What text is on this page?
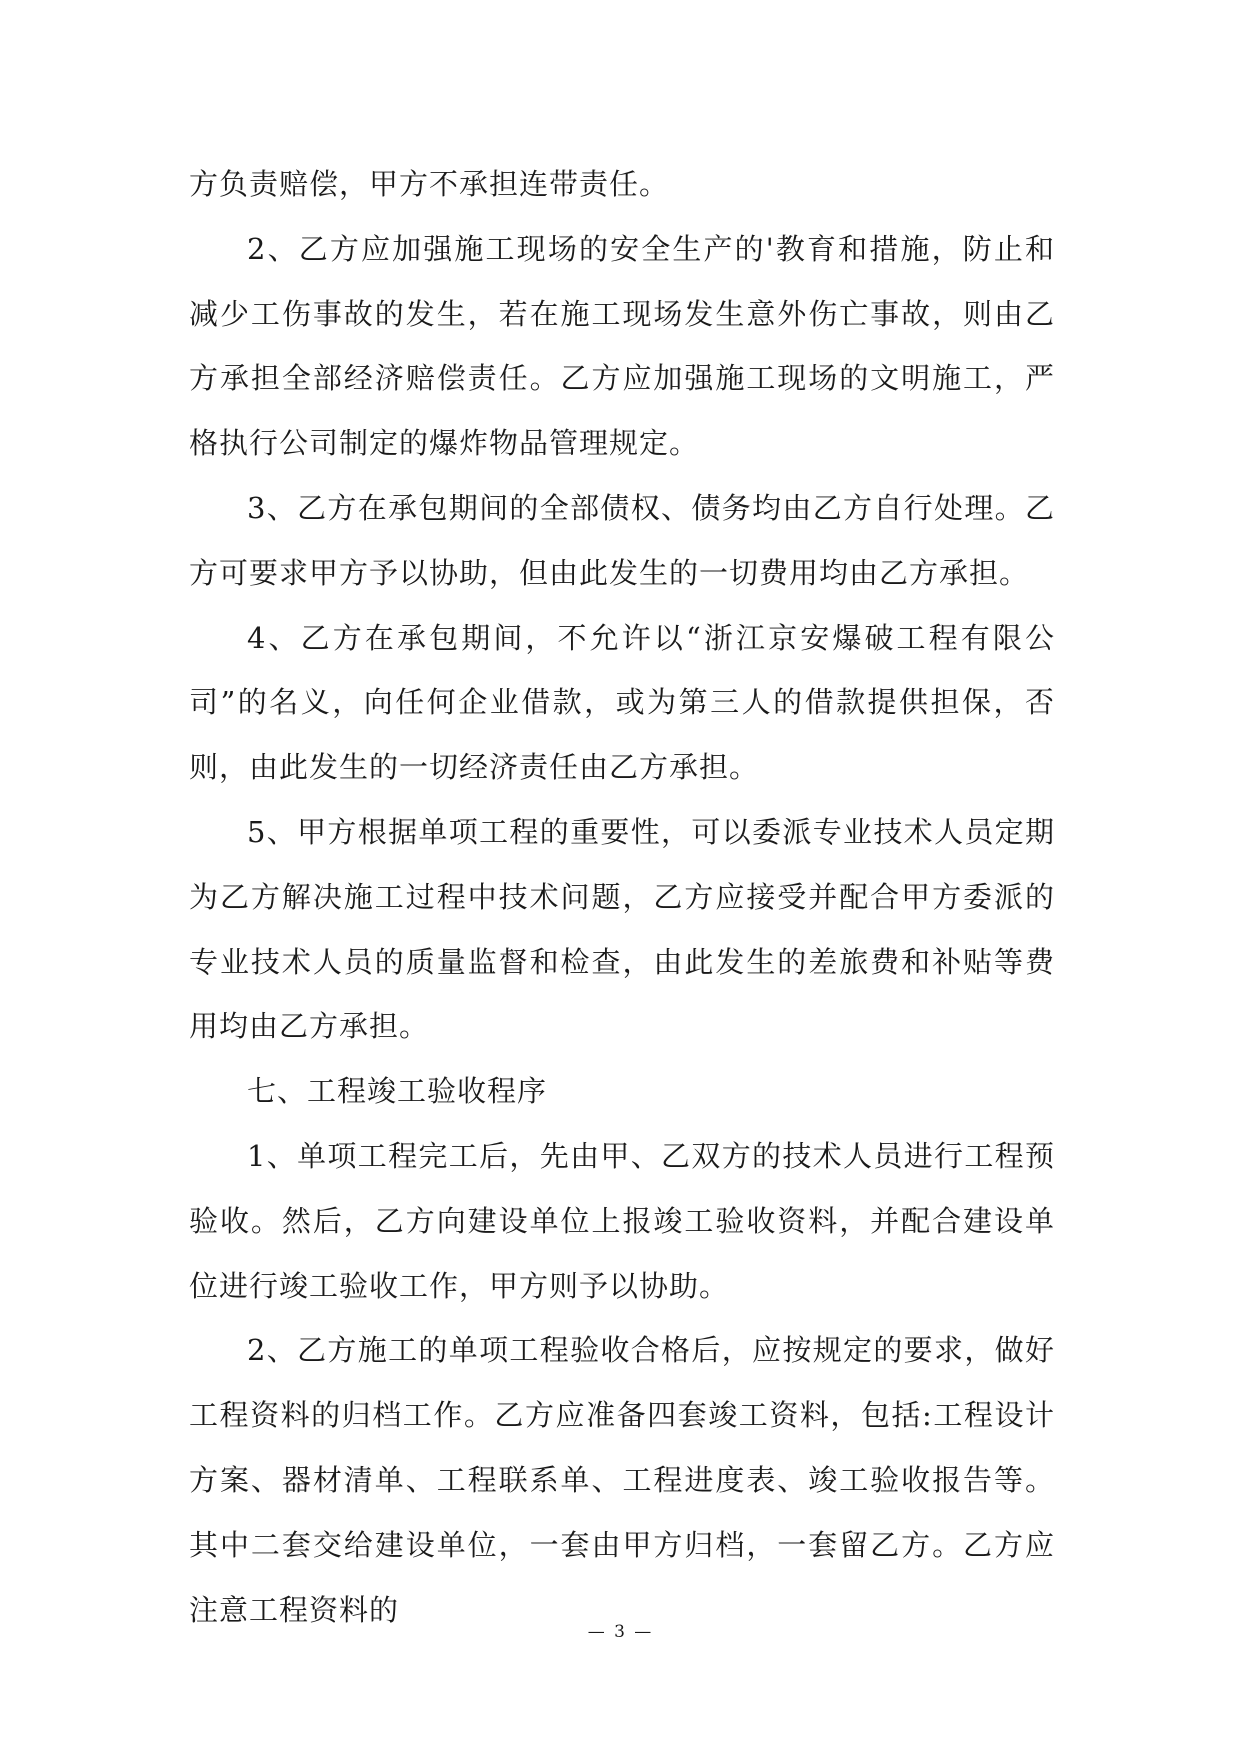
方负责赔偿，甲方不承担连带责任。

2、乙方应加强施工现场的安全生产的'教育和措施，防止和减少工伤事故的发生，若在施工现场发生意外伤亡事故，则由乙方承担全部经济赔偿责任。乙方应加强施工现场的文明施工，严格执行公司制定的爆炸物品管理规定。

3、乙方在承包期间的全部债权、债务均由乙方自行处理。乙方可要求甲方予以协助，但由此发生的一切费用均由乙方承担。

4、乙方在承包期间，不允许以“浙江京安爆破工程有限公司”的名义，向任何企业借款，或为第三人的借款提供担保，否则，由此发生的一切经济责任由乙方承担。

5、甲方根据单项工程的重要性，可以委派专业技术人员定期为乙方解决施工过程中技术问题，乙方应接受并配合甲方委派的专业技术人员的质量监督和检查，由此发生的差旅费和补贴等费用均由乙方承担。

七、工程竣工验收程序

1、单项工程完工后，先由甲、乙双方的技术人员进行工程预验收。然后，乙方向建设单位上报竣工验收资料，并配合建设单位进行竣工验收工作，甲方则予以协助。

2、乙方施工的单项工程验收合格后，应按规定的要求，做好工程资料的归档工作。乙方应准备四套竣工资料，包括:工程设计方案、器材清单、工程联系单、工程进度表、竣工验收报告等。其中二套交给建设单位，一套由甲方归档，一套留乙方。乙方应注意工程资料的

— 3 —
